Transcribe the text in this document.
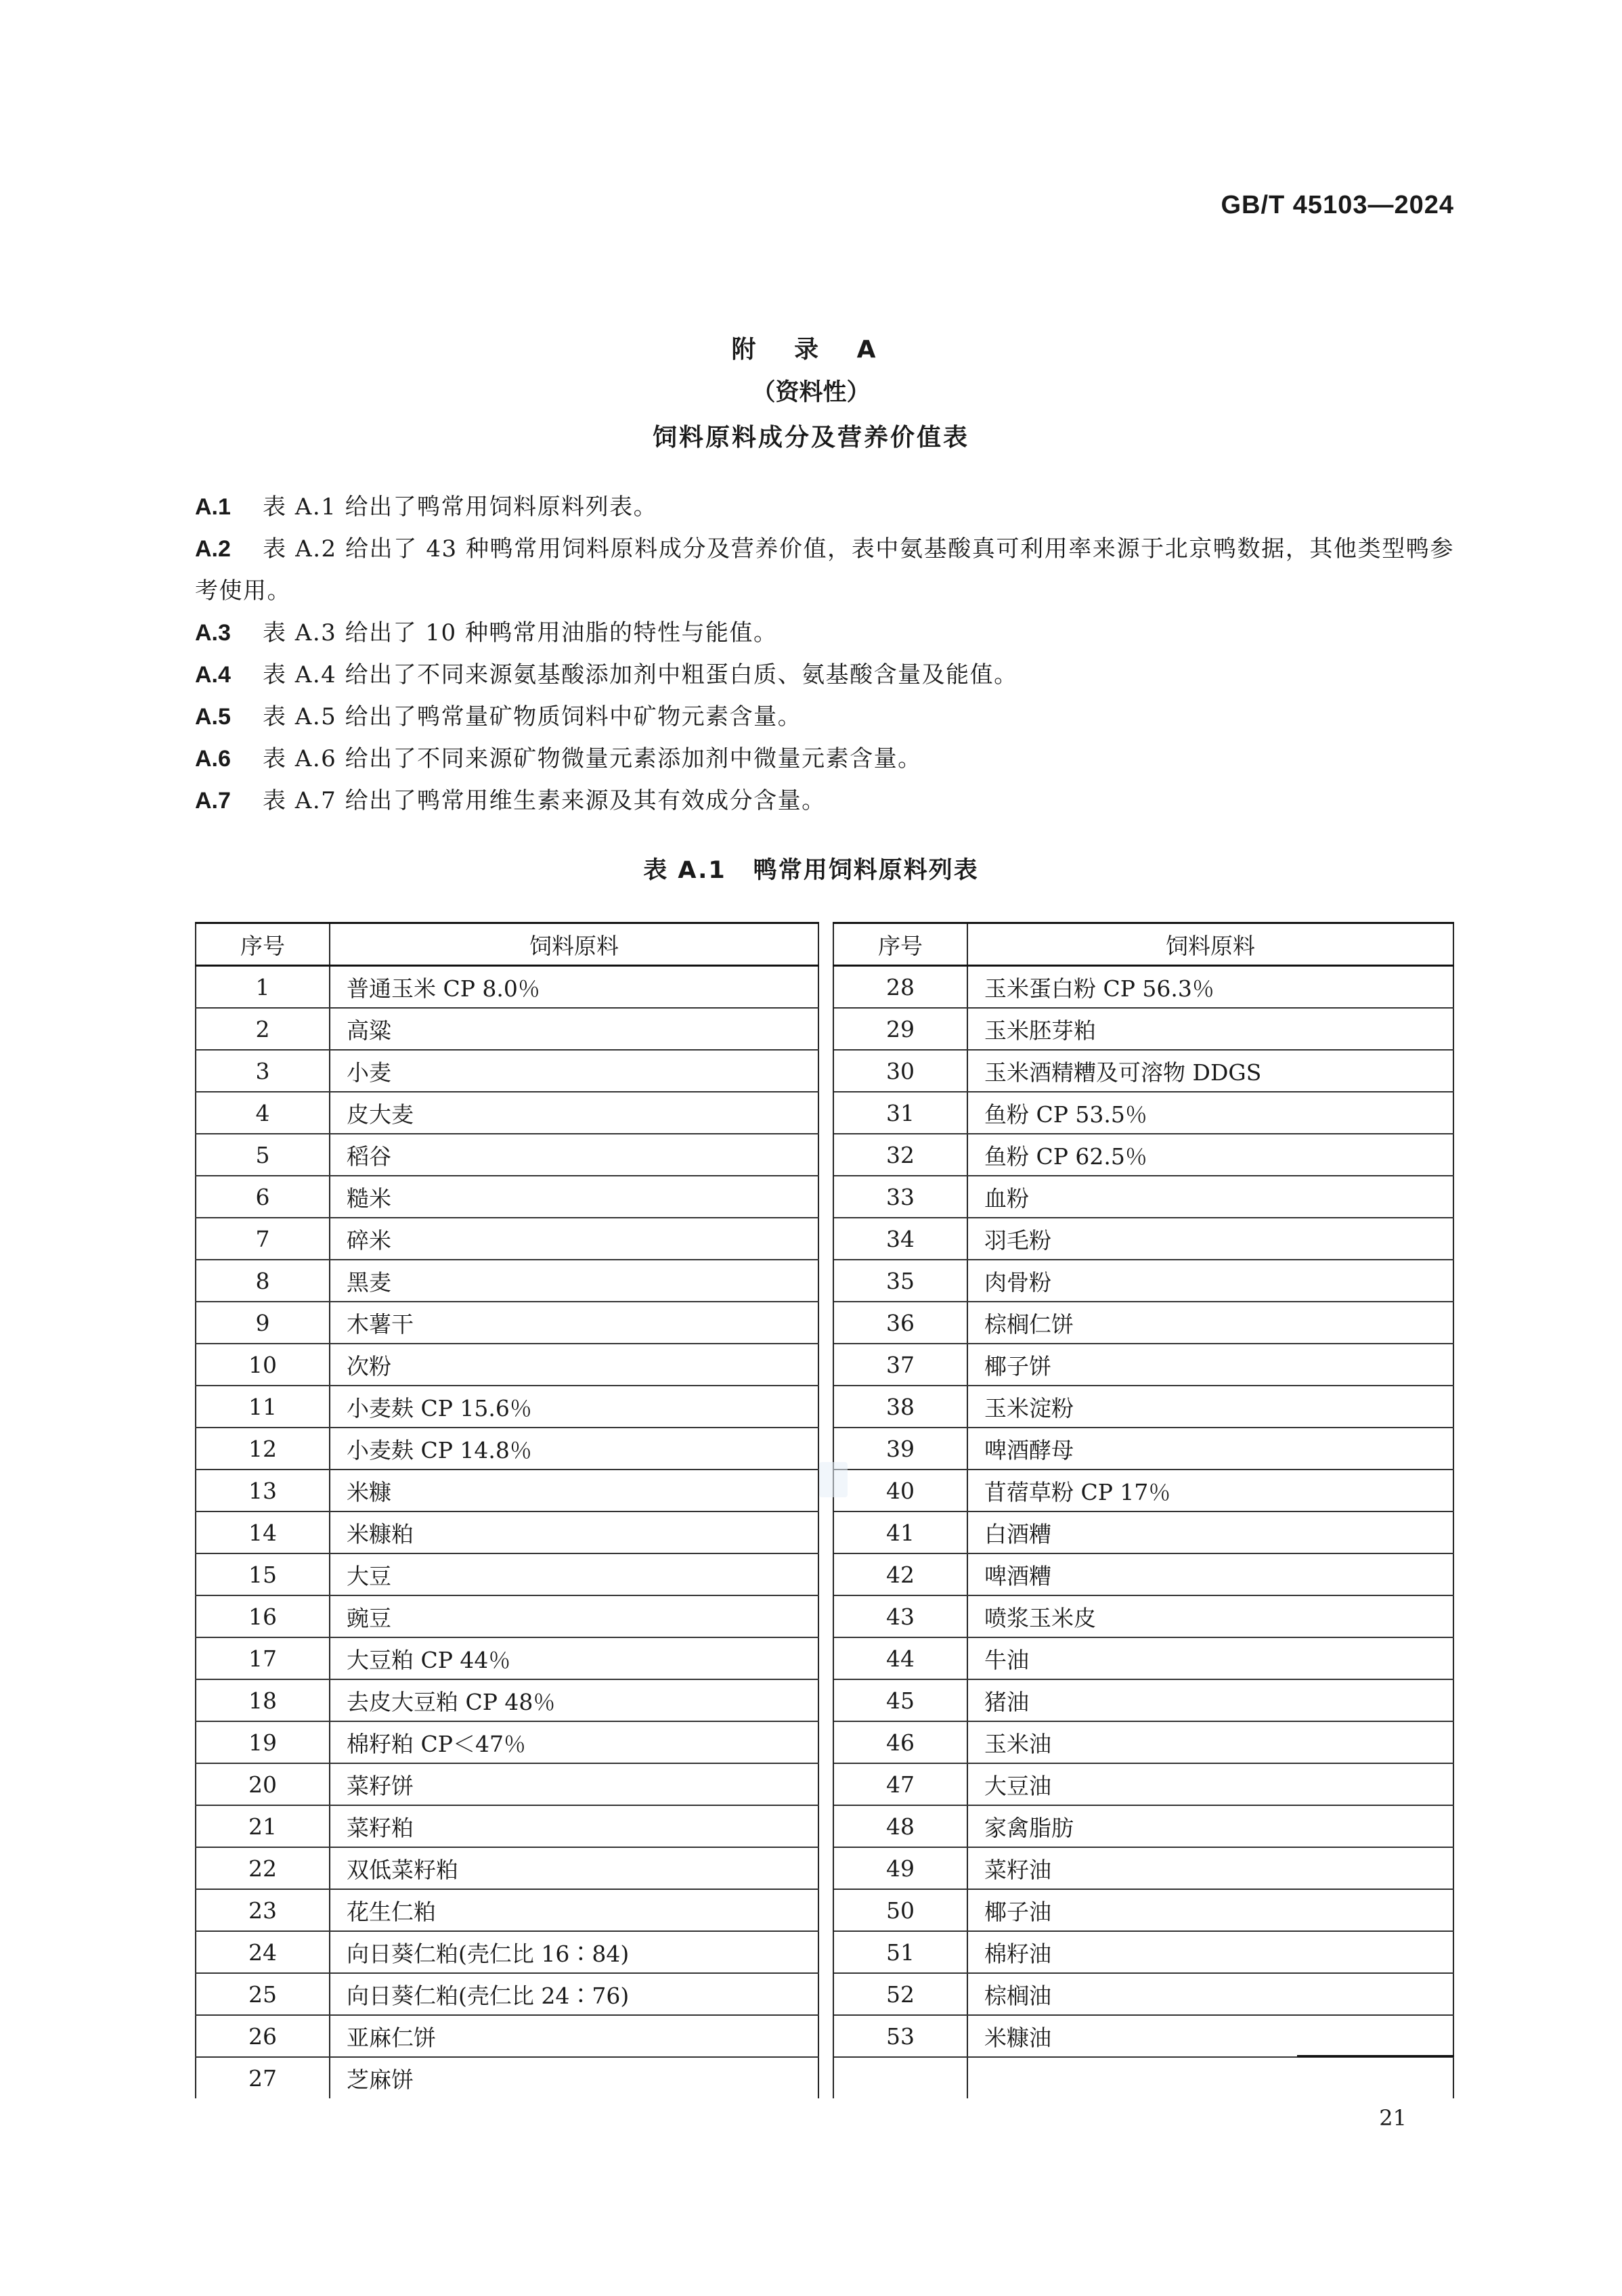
GB/T 45103—2024
附 录 A
（资料性）
饲料原料成分及营养价值表
A.1 表 A.1 给出了鸭常用饲料原料列表。
A.2 表 A.2 给出了 43 种鸭常用饲料原料成分及营养价值，表中氨基酸真可利用率来源于北京鸭数据，其他类型鸭参考使用。
A.3 表 A.3 给出了 10 种鸭常用油脂的特性与能值。
A.4 表 A.4 给出了不同来源氨基酸添加剂中粗蛋白质、氨基酸含量及能值。
A.5 表 A.5 给出了鸭常量矿物质饲料中矿物元素含量。
A.6 表 A.6 给出了不同来源矿物微量元素添加剂中微量元素含量。
A.7 表 A.7 给出了鸭常用维生素来源及其有效成分含量。
表 A.1 鸭常用饲料原料列表
序号	饲料原料		序号	饲料原料
1	普通玉米 CP 8.0％		28	玉米蛋白粉 CP 56.3％
2	高粱		29	玉米胚芽粕
3	小麦		30	玉米酒精糟及可溶物 DDGS
4	皮大麦		31	鱼粉 CP 53.5％
5	稻谷		32	鱼粉 CP 62.5％
6	糙米		33	血粉
7	碎米		34	羽毛粉
8	黑麦		35	肉骨粉
9	木薯干		36	棕榈仁饼
10	次粉		37	椰子饼
11	小麦麸 CP 15.6％		38	玉米淀粉
12	小麦麸 CP 14.8％		39	啤酒酵母
13	米糠		40	苜蓿草粉 CP 17％
14	米糠粕		41	白酒糟
15	大豆		42	啤酒糟
16	豌豆		43	喷浆玉米皮
17	大豆粕 CP 44％		44	牛油
18	去皮大豆粕 CP 48％		45	猪油
19	棉籽粕 CP＜47％		46	玉米油
20	菜籽饼		47	大豆油
21	菜籽粕		48	家禽脂肪
22	双低菜籽粕		49	菜籽油
23	花生仁粕		50	椰子油
24	向日葵仁粕(壳仁比 16∶84)		51	棉籽油
25	向日葵仁粕(壳仁比 24∶76)		52	棕榈油
26	亚麻仁饼		53	米糠油
27	芝麻饼			
21
